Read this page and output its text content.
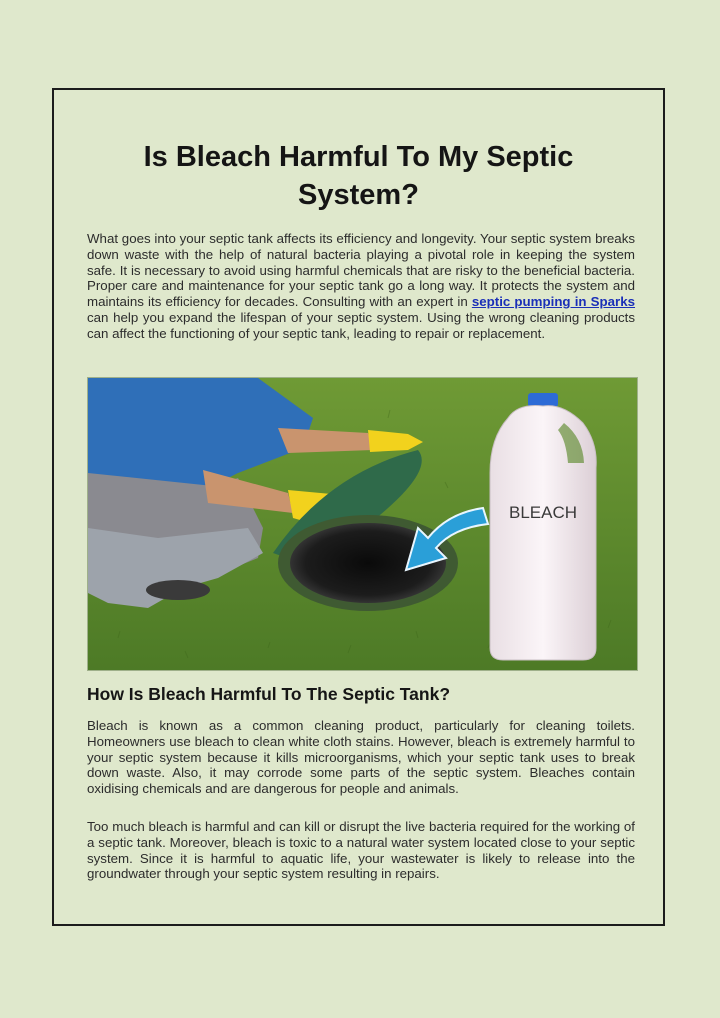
Is Bleach Harmful To My Septic
System?

What goes into your septic tank affects its efficiency and longevity. Your septic system breaks down waste with the help of natural bacteria playing a pivotal role in keeping the system safe. It is necessary to avoid using harmful chemicals that are risky to the beneficial bacteria. Proper care and maintenance for your septic tank go a long way. It protects the system and maintains its efficiency for decades. Consulting with an expert in septic pumping in Sparks can help you expand the lifespan of your septic system. Using the wrong cleaning products can affect the functioning of your septic tank, leading to repair or replacement.

BLEACH
How Is Bleach Harmful To The Septic Tank?

Bleach is known as a common cleaning product, particularly for cleaning toilets. Homeowners use bleach to clean white cloth stains. However, bleach is extremely harmful to your septic system because it kills microorganisms, which your septic tank uses to break down waste. Also, it may corrode some parts of the septic system. Bleaches contain oxidising chemicals and are dangerous for people and animals.

Too much bleach is harmful and can kill or disrupt the live bacteria required for the working of a septic tank. Moreover, bleach is toxic to a natural water system located close to your septic system. Since it is harmful to aquatic life, your wastewater is likely to release into the groundwater through your septic system resulting in repairs.
